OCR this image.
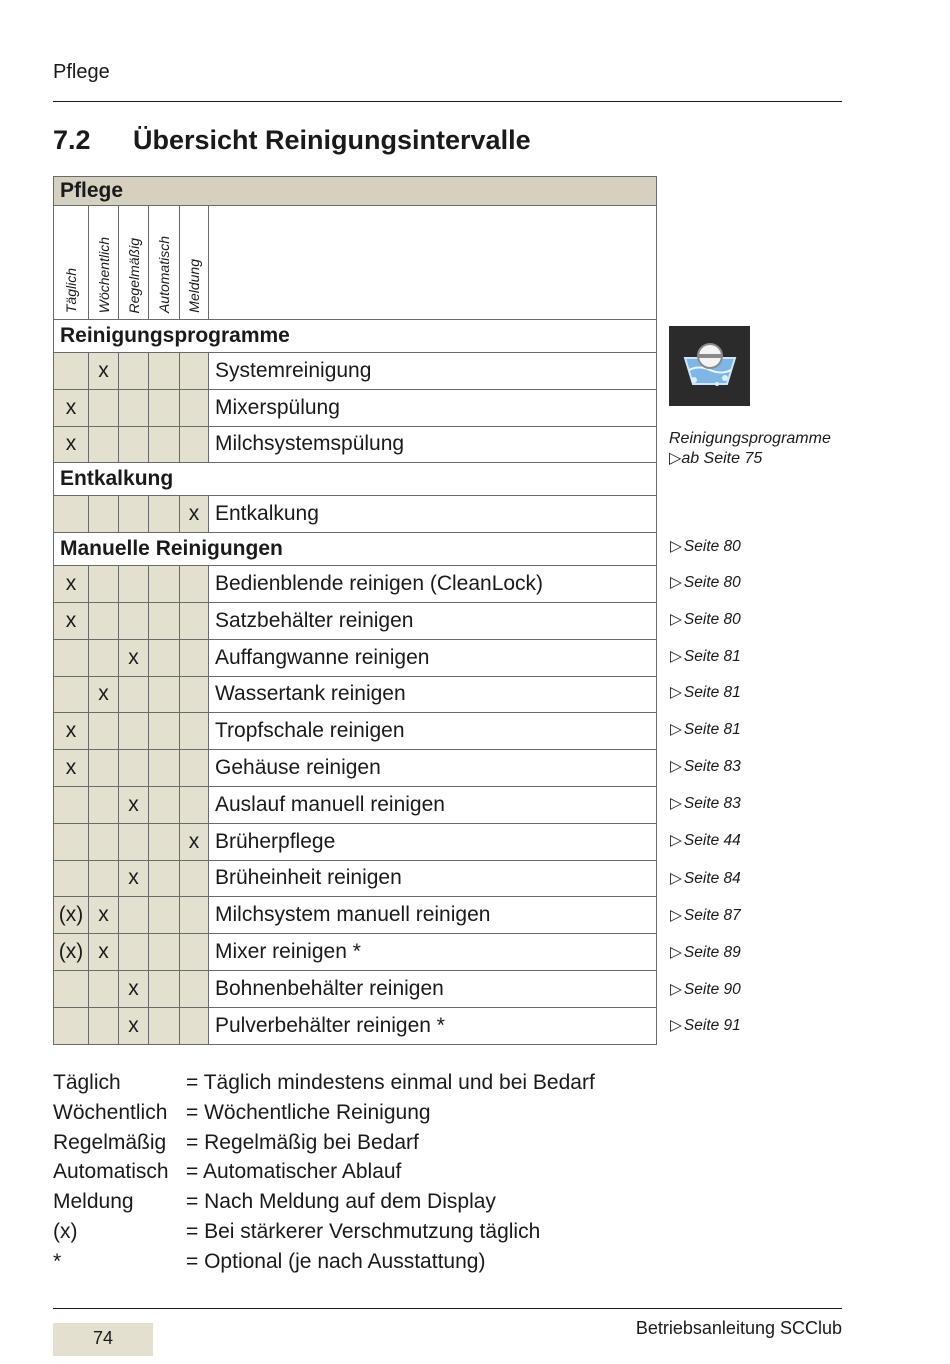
Pflege
7.2 Übersicht Reinigungsintervalle
Pflege					
Täglich	Wöchentlich	Regelmäßig	Automatisch	Meldung	
Reinigungsprogramme					
	x				Systemreinigung
x					Mixerspülung
x					Milchsystemspülung
Entkalkung					
				x	Entkalkung
Manuelle Reinigungen					
x					Bedienblende reinigen (CleanLock)
x					Satzbehälter reinigen
		x			Auffangwanne reinigen
	x				Wassertank reinigen
x					Tropfschale reinigen
x					Gehäuse reinigen
		x			Auslauf manuell reinigen
				x	Brüherpflege
		x			Brüheinheit reinigen
(x)	x				Milchsystem manuell reinigen
(x)	x				Mixer reinigen *
		x			Bohnenbehälter reinigen
		x			Pulverbehälter reinigen *
Reinigungsprogramme
▷ab Seite 75
▷ Seite 80
▷ Seite 80
▷ Seite 80
▷ Seite 81
▷ Seite 81
▷ Seite 81
▷ Seite 83
▷ Seite 83
▷ Seite 44
▷ Seite 84
▷ Seite 87
▷ Seite 89
▷ Seite 90
▷ Seite 91
Täglich	= Täglich mindestens einmal und bei Bedarf
Wöchentlich = Wöchentliche Reinigung
Regelmäßig = Regelmäßig bei Bedarf
Automatisch = Automatischer Ablauf
Meldung = Nach Meldung auf dem Display
(x)	= Bei stärkerer Verschmutzung täglich
*	= Optional (je nach Ausstattung)
74	Betriebsanleitung SCClub
